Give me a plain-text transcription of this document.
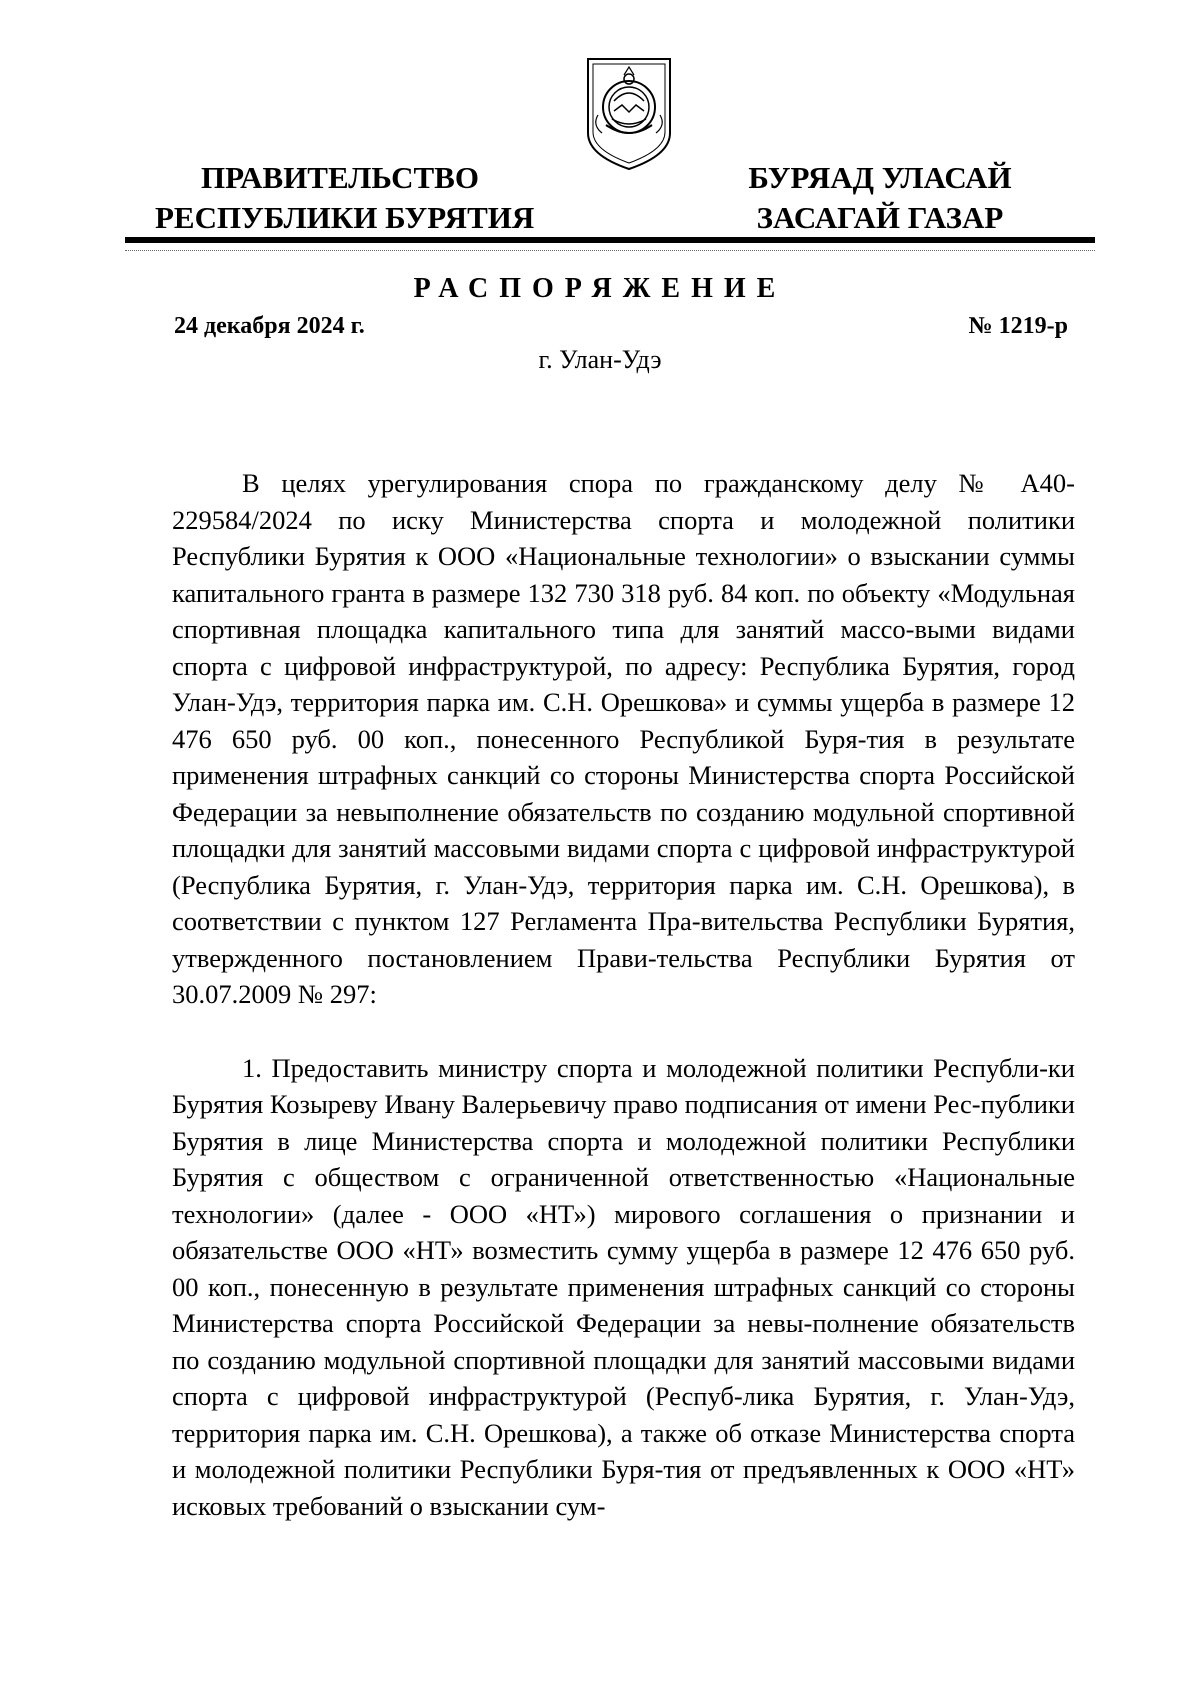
ПРАВИТЕЛЬСТВО
РЕСПУБЛИКИ БУРЯТИЯ
БУРЯАД УЛАСАЙ
ЗАСАГАЙ ГАЗАР
РАСПОРЯЖЕНИЕ
24 декабря 2024 г.	№ 1219-р
г. Улан-Удэ

В целях урегулирования спора по гражданскому делу № А40-229584/2024 по иску Министерства спорта и молодежной политики Республики Бурятия к ООО «Национальные технологии» о взыскании суммы капитального гранта в размере 132 730 318 руб. 84 коп. по объекту «Модульная спортивная площадка капитального типа для занятий массо-выми видами спорта с цифровой инфраструктурой, по адресу: Республика Бурятия, город Улан-Удэ, территория парка им. С.Н. Орешкова» и суммы ущерба в размере 12 476 650 руб. 00 коп., понесенного Республикой Буря-тия в результате применения штрафных санкций со стороны Министерства спорта Российской Федерации за невыполнение обязательств по созданию модульной спортивной площадки для занятий массовыми видами спорта с цифровой инфраструктурой (Республика Бурятия, г. Улан-Удэ, территория парка им. С.Н. Орешкова), в соответствии с пунктом 127 Регламента Пра-вительства Республики Бурятия, утвержденного постановлением Прави-тельства Республики Бурятия от 30.07.2009 № 297:

1. Предоставить министру спорта и молодежной политики Республи-ки Бурятия Козыреву Ивану Валерьевичу право подписания от имени Рес-публики Бурятия в лице Министерства спорта и молодежной политики Республики Бурятия с обществом с ограниченной ответственностью «Национальные технологии» (далее - ООО «НТ») мирового соглашения о признании и обязательстве ООО «НТ» возместить сумму ущерба в размере 12 476 650 руб. 00 коп., понесенную в результате применения штрафных санкций со стороны Министерства спорта Российской Федерации за невы-полнение обязательств по созданию модульной спортивной площадки для занятий массовыми видами спорта с цифровой инфраструктурой (Респуб-лика Бурятия, г. Улан-Удэ, территория парка им. С.Н. Орешкова), а также об отказе Министерства спорта и молодежной политики Республики Буря-тия от предъявленных к ООО «НТ» исковых требований о взыскании сум-
